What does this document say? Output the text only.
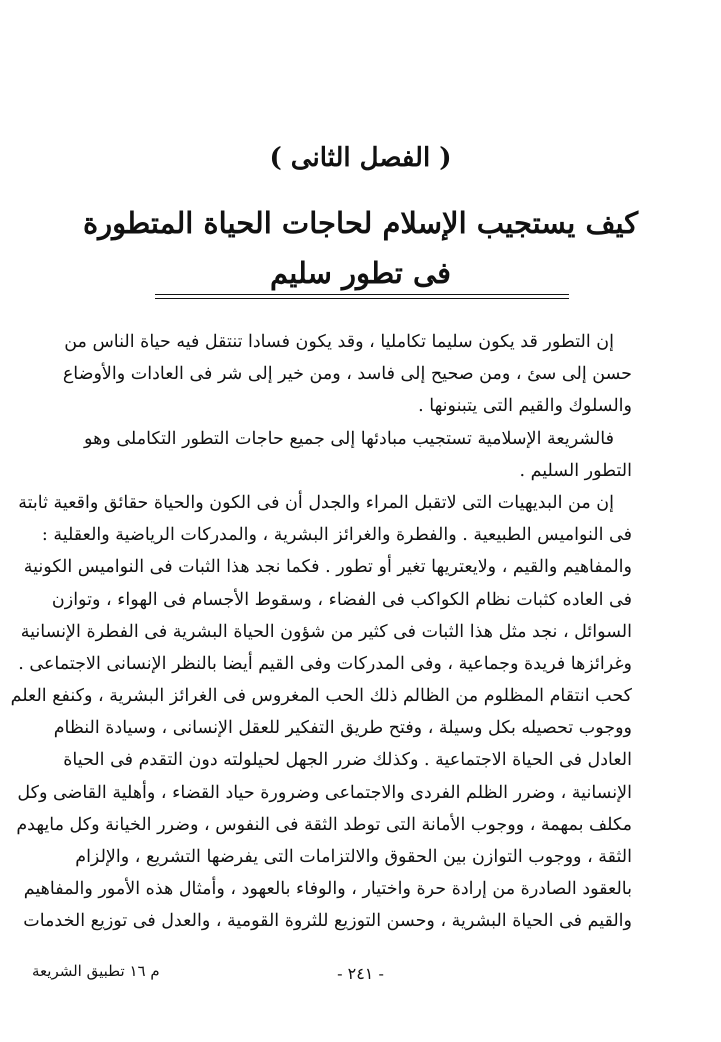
( الفصل الثانى )
كيف يستجيب الإسلام لحاجات الحياة المتطورة
فى تطور سليم
إن التطور قد يكون سليما تكامليا ، وقد يكون فسادا تنتقل فيه حياة الناس من
حسن إلى سئ ، ومن صحيح إلى فاسد ، ومن خير إلى شر فى العادات والأوضاع
والسلوك والقيم التى يتبنونها .
فالشريعة الإسلامية تستجيب مبادئها إلى جميع حاجات التطور التكاملى وهو
التطور السليم .
إن من البديهيات التى لاتقبل المراء والجدل أن فى الكون والحياة حقائق واقعية ثابتة
فى النواميس الطبيعية . والفطرة والغرائز البشرية ، والمدركات الرياضية والعقلية :
والمفاهيم والقيم ، ولايعتريها تغير أو تطور . فكما نجد هذا الثبات فى النواميس الكونية
فى العاده كثبات نظام الكواكب فى الفضاء ، وسقوط الأجسام فى الهواء ، وتوازن
السوائل ، نجد مثل هذا الثبات فى كثير من شؤون الحياة البشرية فى الفطرة الإنسانية
وغرائزها فريدة وجماعية ، وفى المدركات وفى القيم أيضا بالنظر الإنسانى الاجتماعى .
كحب انتقام المظلوم من الظالم ذلك الحب المغروس فى الغرائز البشرية ، وكنفع العلم
ووجوب تحصيله بكل وسيلة ، وفتح طريق التفكير للعقل الإنسانى ، وسيادة النظام
العادل فى الحياة الاجتماعية . وكذلك ضرر الجهل لحيلولته دون التقدم فى الحياة
الإنسانية ، وضرر الظلم الفردى والاجتماعى وضرورة حياد القضاء ، وأهلية القاضى وكل
مكلف بمهمة ، ووجوب الأمانة التى توطد الثقة فى النفوس ، وضرر الخيانة وكل مايهدم
الثقة ، ووجوب التوازن بين الحقوق والالتزامات التى يفرضها التشريع ، والإلزام
بالعقود الصادرة من إرادة حرة واختيار ، والوفاء بالعهود ، وأمثال هذه الأمور والمفاهيم
والقيم فى الحياة البشرية ، وحسن التوزيع للثروة القومية ، والعدل فى توزيع الخدمات
- ٢٤١ -
م ١٦ تطبيق الشريعة
